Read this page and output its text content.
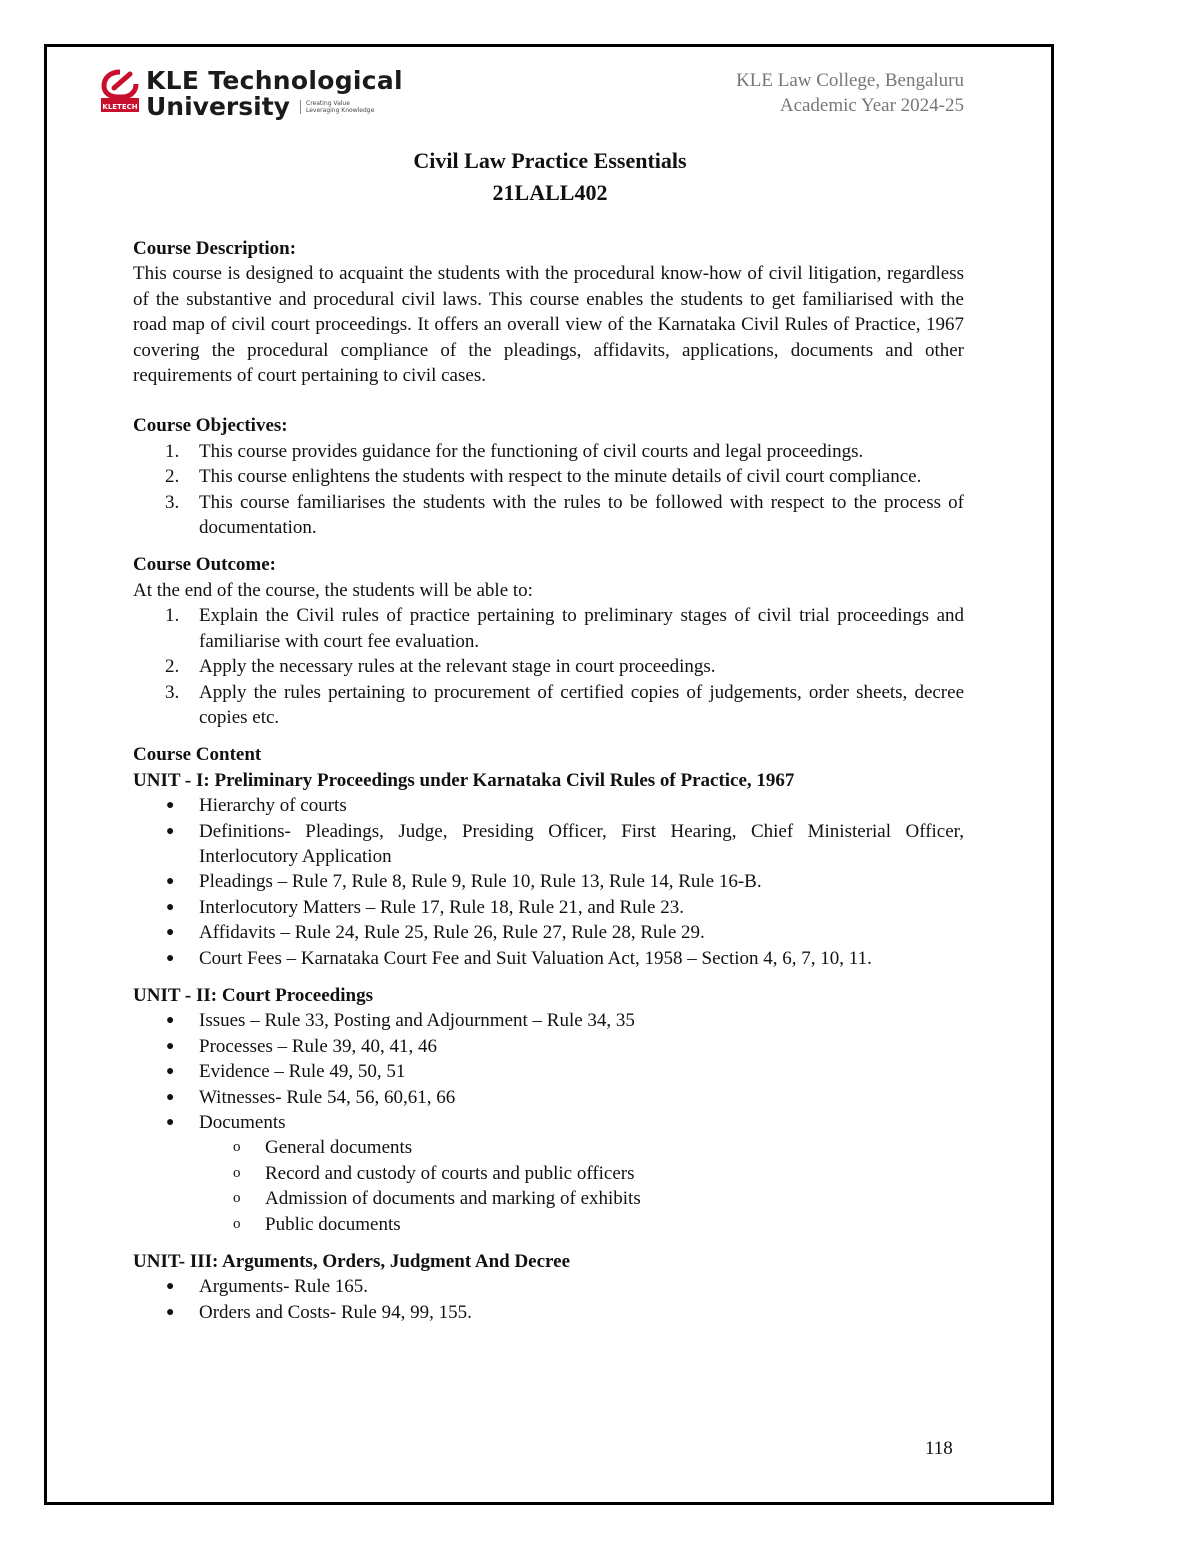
KLETECH
KLE Technological
University	Creating Value
Leveraging Knowledge
KLE Law College, Bengaluru
Academic Year 2024-25
Civil Law Practice Essentials
21LALL402
Course Description:

This course is designed to acquaint the students with the procedural know-how of civil litigation, regardless of the substantive and procedural civil laws. This course enables the students to get familiarised with the road map of civil court proceedings. It offers an overall view of the Karnataka Civil Rules of Practice, 1967 covering the procedural compliance of the pleadings, affidavits, applications, documents and other requirements of court pertaining to civil cases.

Course Objectives:
1.	This course provides guidance for the functioning of civil courts and legal proceedings.
2.	This course enlightens the students with respect to the minute details of civil court compliance.
3.	This course familiarises the students with the rules to be followed with respect to the process of documentation.
Course Outcome:
At the end of the course, the students will be able to:
1.	Explain the Civil rules of practice pertaining to preliminary stages of civil trial proceedings and familiarise with court fee evaluation.
2.	Apply the necessary rules at the relevant stage in court proceedings.
3.	Apply the rules pertaining to procurement of certified copies of judgements, order sheets, decree copies etc.
Course Content
UNIT - I: Preliminary Proceedings under Karnataka Civil Rules of Practice, 1967
● Hierarchy of courts
● Definitions- Pleadings, Judge, Presiding Officer, First Hearing, Chief Ministerial Officer, Interlocutory Application
● Pleadings – Rule 7, Rule 8, Rule 9, Rule 10, Rule 13, Rule 14, Rule 16-B.
● Interlocutory Matters – Rule 17, Rule 18, Rule 21, and Rule 23.
● Affidavits – Rule 24, Rule 25, Rule 26, Rule 27, Rule 28, Rule 29.
● Court Fees – Karnataka Court Fee and Suit Valuation Act, 1958 – Section 4, 6, 7, 10, 11.
UNIT - II: Court Proceedings
● Issues – Rule 33, Posting and Adjournment – Rule 34, 35
● Processes – Rule 39, 40, 41, 46
● Evidence – Rule 49, 50, 51
● Witnesses- Rule 54, 56, 60,61, 66
● Documents
o General documents
o Record and custody of courts and public officers
o Admission of documents and marking of exhibits
o Public documents
UNIT- III: Arguments, Orders, Judgment And Decree
● Arguments- Rule 165.
● Orders and Costs- Rule 94, 99, 155.
118
